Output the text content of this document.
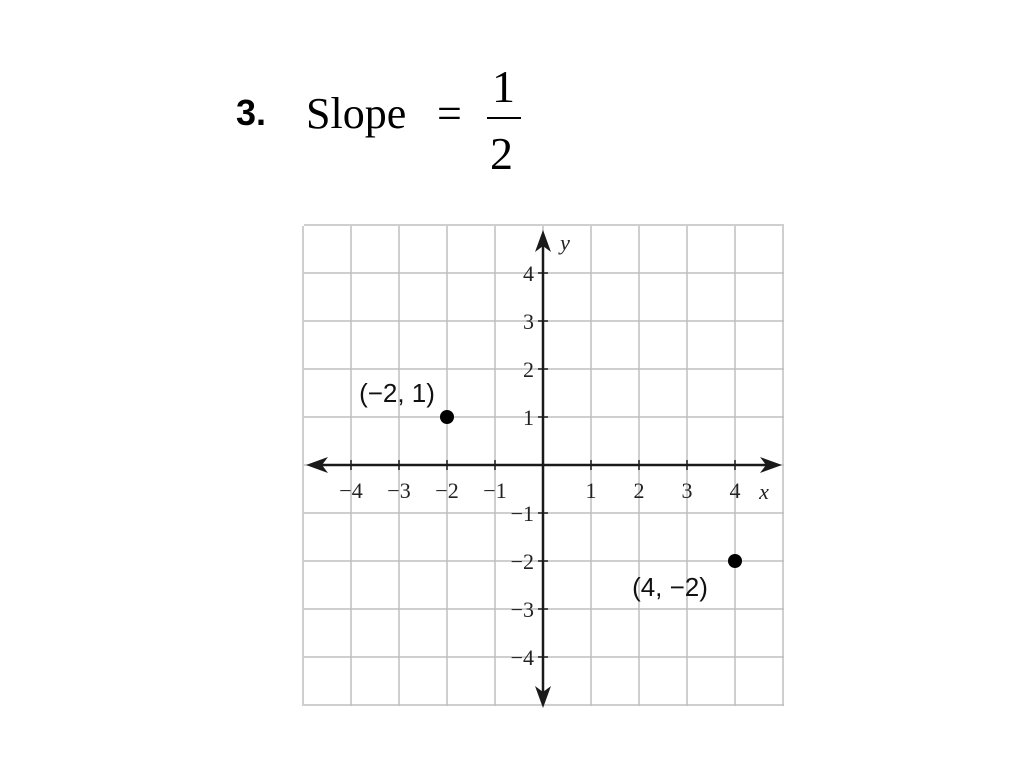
3. Slope =
1
2
−4 −3 −2 −1	1 2 3 4
4
3
2
1
−1
−2
−3
−4
x
y
(−2, 1)
(4, −2)
